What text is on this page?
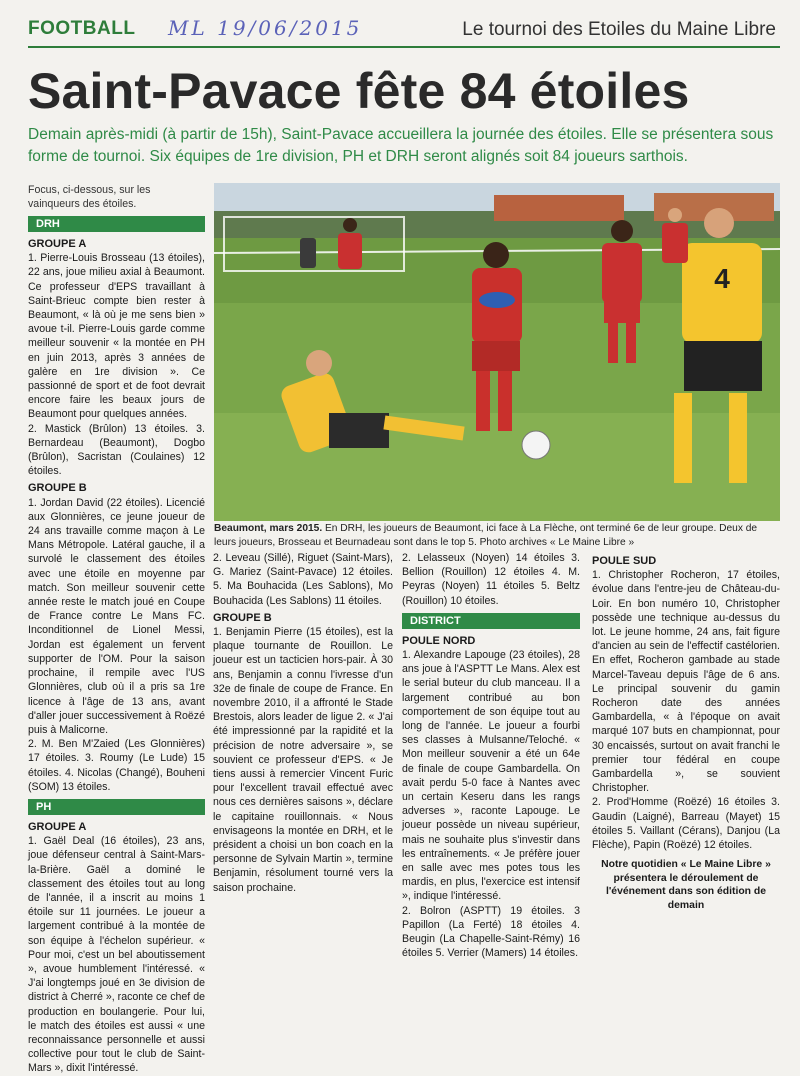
FOOTBALL ML 19/06/2015	Le tournoi des Etoiles du Maine Libre
Saint-Pavace fête 84 étoiles
Demain après-midi (à partir de 15h), Saint-Pavace accueillera la journée des étoiles. Elle se présentera sous forme de tournoi. Six équipes de 1re division, PH et DRH seront alignés soit 84 joueurs sarthois.

Focus, ci-dessous, sur les vainqueurs des étoiles.

DRH
GROUPE A

1. Pierre-Louis Brosseau (13 étoiles), 22 ans, joue milieu axial à Beaumont. Ce professeur d'EPS travaillant à Saint-Brieuc compte bien rester à Beaumont, « là où je me sens bien » avoue t-il. Pierre-Louis garde comme meilleur souvenir « la montée en PH en juin 2013, après 3 années de galère en 1re division ». Ce passionné de sport et de foot devrait encore faire les beaux jours de Beaumont pour quelques années.

2. Mastick (Brûlon) 13 étoiles. 3. Bernardeau (Beaumont), Dogbo (Brûlon), Sacristan (Coulaines) 12 étoiles.

GROUPE B

1. Jordan David (22 étoiles). Licencié aux Glonnières, ce jeune joueur de 24 ans travaille comme maçon à Le Mans Métropole. Latéral gauche, il a survolé le classement des étoiles avec une étoile en moyenne par match. Son meilleur souvenir cette année reste le match joué en Coupe de France contre Le Mans FC. Inconditionnel de Lionel Messi, Jordan est également un fervent supporter de l'OM. Pour la saison prochaine, il rempile avec l'US Glonnières, club où il a pris sa 1re licence à l'âge de 13 ans, avant d'aller jouer successivement à Roëzé puis à Malicorne.

2. M. Ben M'Zaied (Les Glonnières) 17 étoiles. 3. Roumy (Le Lude) 15 étoiles. 4. Nicolas (Changé), Bouheni (SOM) 13 étoiles.

PH
GROUPE A

1. Gaël Deal (16 étoiles), 23 ans, joue défenseur central à Saint-Mars-la-Brière. Gaël a dominé le classement des étoiles tout au long de l'année, il a inscrit au moins 1 étoile sur 11 journées. Le joueur a largement contribué à la montée de son équipe à l'échelon supérieur. « Pour moi, c'est un bel aboutissement », avoue humblement l'intéressé. « J'ai longtemps joué en 3e division de district à Cherré », raconte ce chef de production en boulangerie. Pour lui, le match des étoiles est aussi « une reconnaissance personnelle et aussi collective pour tout le club de Saint-Mars », dixit l'intéressé.

4
Beaumont, mars 2015. En DRH, les joueurs de Beaumont, ici face à La Flèche, ont terminé 6e de leur groupe. Deux de leurs joueurs, Brosseau et Beurnadeau sont dans le top 5. Photo archives « Le Maine Libre »

2. Leveau (Sillé), Riguet (Saint-Mars), G. Mariez (Saint-Pavace) 12 étoiles. 5. Ma Bouhacida (Les Sablons), Mo Bouhacida (Les Sablons) 11 étoiles.

GROUPE B

1. Benjamin Pierre (15 étoiles), est la plaque tournante de Rouillon. Le joueur est un tacticien hors-pair. À 30 ans, Benjamin a connu l'ivresse d'un 32e de finale de coupe de France. En novembre 2010, il a affronté le Stade Brestois, alors leader de ligue 2. « J'ai été impressionné par la rapidité et la précision de notre adversaire », se souvient ce professeur d'EPS. « Je tiens aussi à remercier Vincent Furic pour l'excellent travail effectué avec nous ces dernières saisons », déclare le capitaine rouillonnais. « Nous envisageons la montée en DRH, et le président a choisi un bon coach en la personne de Sylvain Martin », termine Benjamin, résolument tourné vers la saison prochaine.

2. Lelasseux (Noyen) 14 étoiles 3. Bellion (Rouillon) 12 étoiles 4. M. Peyras (Noyen) 11 étoiles 5. Beltz (Rouillon) 10 étoiles.

DISTRICT
POULE NORD

1. Alexandre Lapouge (23 étoiles), 28 ans joue à l'ASPTT Le Mans. Alex est le serial buteur du club manceau. Il a largement contribué au bon comportement de son équipe tout au long de l'année. Le joueur a fourbi ses classes à Mulsanne/Teloché. « Mon meilleur souvenir a été un 64e de finale de coupe Gambardella. On avait perdu 5-0 face à Nantes avec un certain Keseru dans les rangs adverses », raconte Lapouge. Le joueur possède un niveau supérieur, mais ne souhaite plus s'investir dans les entraînements. « Je préfère jouer en salle avec mes potes tous les mardis, en plus, l'exercice est intensif », indique l'intéressé.

2. Bolron (ASPTT) 19 étoiles. 3 Papillon (La Ferté) 18 étoiles 4. Beugin (La Chapelle-Saint-Rémy) 16 étoiles 5. Verrier (Mamers) 14 étoiles.

POULE SUD

1. Christopher Rocheron, 17 étoiles, évolue dans l'entre-jeu de Château-du-Loir. En bon numéro 10, Christopher possède une technique au-dessus du lot. Le jeune homme, 24 ans, fait figure d'ancien au sein de l'effectif castélorien. En effet, Rocheron gambade au stade Marcel-Taveau depuis l'âge de 6 ans. Le principal souvenir du gamin Rocheron date des années Gambardella, « à l'époque on avait marqué 107 buts en championnat, pour 30 encaissés, surtout on avait franchi le premier tour fédéral en coupe Gambardella », se souvient Christopher.

2. Prod'Homme (Roëzé) 16 étoiles 3. Gaudin (Laigné), Barreau (Mayet) 15 étoiles 5. Vaillant (Cérans), Danjou (La Flèche), Papin (Roëzé) 12 étoiles.

Notre quotidien « Le Maine Libre » présentera le déroulement de l'événement dans son édition de demain
